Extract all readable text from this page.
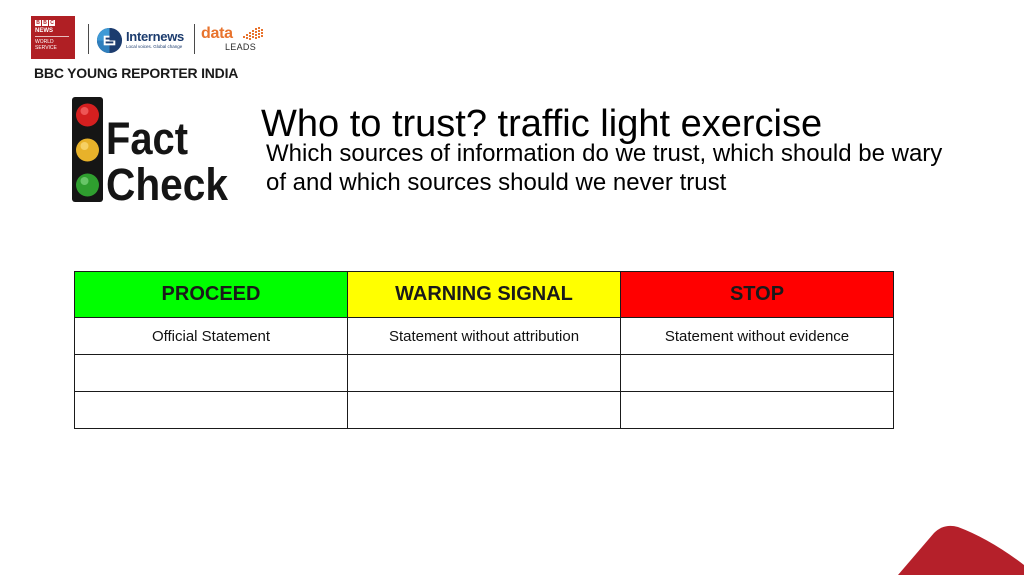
B B C
NEWS
WORLD
SERVICE
Internews
Local voices. Global change
data
LEADS
BBC YOUNG REPORTER INDIA
Fact
Check
Who to trust? traffic light exercise

Which sources of information do we trust, which should be wary of and which sources should we never trust

PROCEED	WARNING SIGNAL	STOP
Official Statement	Statement without attribution	Statement without evidence
